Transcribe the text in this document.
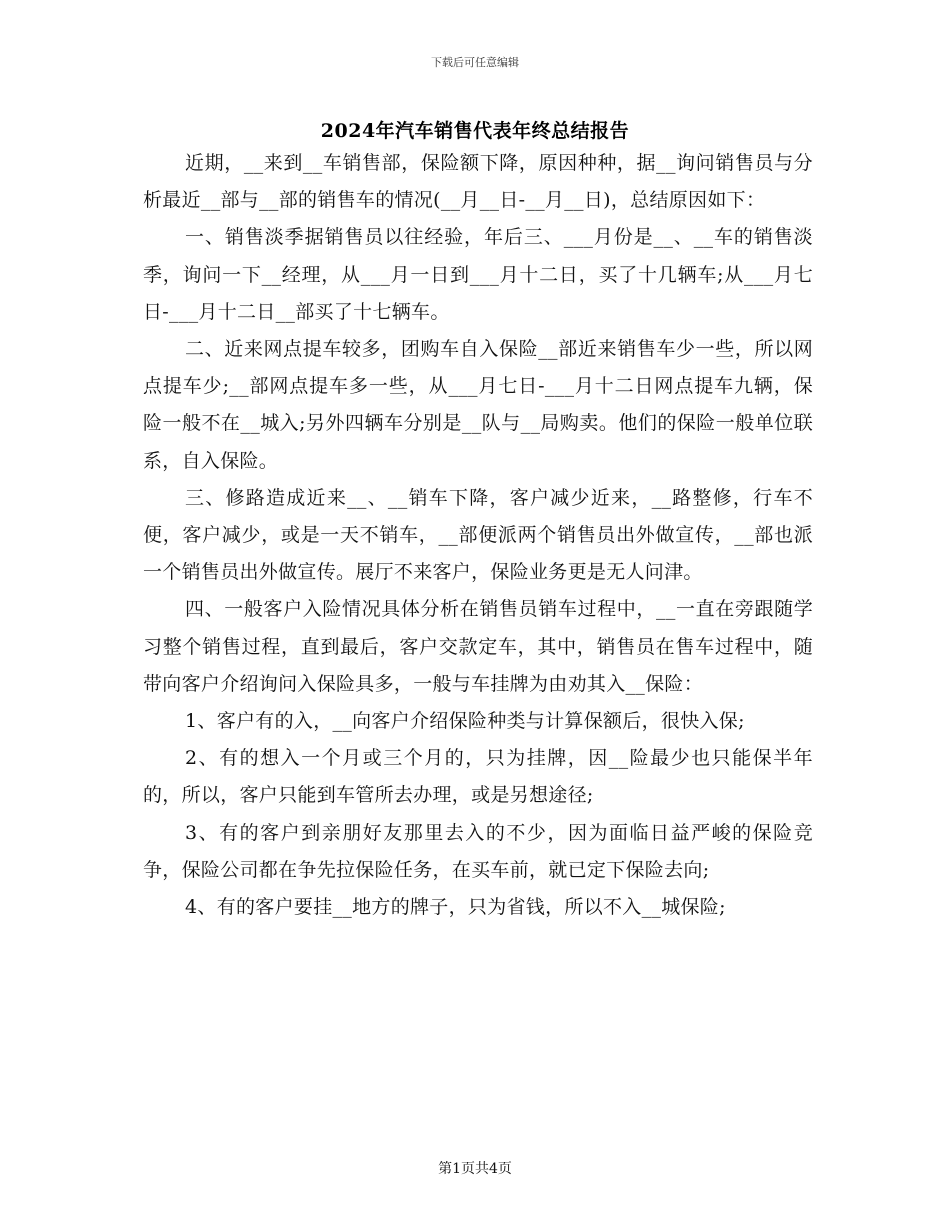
下载后可任意编辑
2024年汽车销售代表年终总结报告

近期，__来到__车销售部，保险额下降，原因种种，据__询问销售员与分析最近__部与__部的销售车的情况(__月__日-__月__日)，总结原因如下：

一、销售淡季据销售员以往经验，年后三、___月份是__、__车的销售淡季，询问一下__经理，从___月一日到___月十二日，买了十几辆车;从___月七日-___月十二日__部买了十七辆车。

二、近来网点提车较多，团购车自入保险__部近来销售车少一些，所以网点提车少;__部网点提车多一些，从___月七日-___月十二日网点提车九辆，保险一般不在__城入;另外四辆车分别是__队与__局购卖。他们的保险一般单位联系，自入保险。

三、修路造成近来__、__销车下降，客户减少近来，__路整修，行车不便，客户减少，或是一天不销车，__部便派两个销售员出外做宣传，__部也派一个销售员出外做宣传。展厅不来客户，保险业务更是无人问津。

四、一般客户入险情况具体分析在销售员销车过程中，__一直在旁跟随学习整个销售过程，直到最后，客户交款定车，其中，销售员在售车过程中，随带向客户介绍询问入保险具多，一般与车挂牌为由劝其入__保险：

1、客户有的入，__向客户介绍保险种类与计算保额后，很快入保;

2、有的想入一个月或三个月的，只为挂牌，因__险最少也只能保半年的，所以，客户只能到车管所去办理，或是另想途径;

3、有的客户到亲朋好友那里去入的不少，因为面临日益严峻的保险竞争，保险公司都在争先拉保险任务，在买车前，就已定下保险去向;

4、有的客户要挂__地方的牌子，只为省钱，所以不入__城保险;

第1页共4页
